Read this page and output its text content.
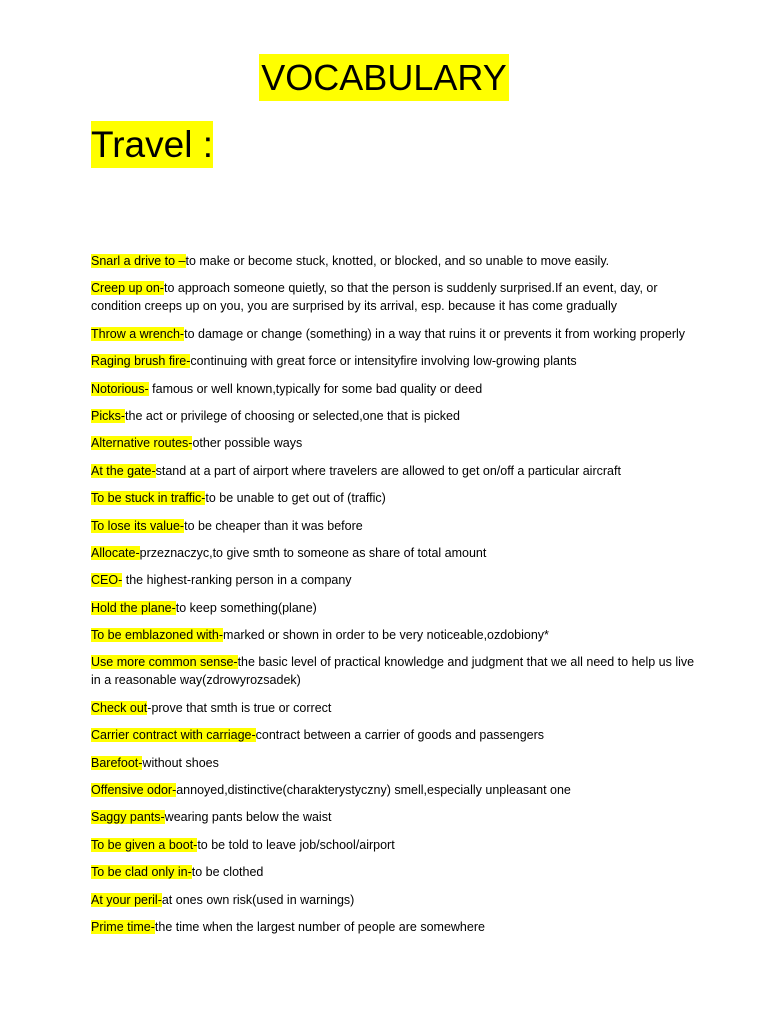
VOCABULARY
Travel :
Snarl a drive to –to make or become stuck, knotted, or blocked, and so unable to move easily.
Creep up on-to approach someone quietly, so that the person is suddenly surprised.If an event, day, or condition creeps up on you, you are surprised by its arrival, esp. because it has come gradually
Throw a wrench-to damage or change (something) in a way that ruins it or prevents it from working properly
Raging brush fire-continuing with great force or intensityfire involving low-growing plants
Notorious- famous or well known,typically for some bad quality or deed
Picks-the act or privilege of choosing or selected,one that is picked
Alternative routes-other possible ways
At the gate-stand at a part of airport where travelers are allowed to get on/off a particular aircraft
To be stuck in traffic-to be unable to get out of (traffic)
To lose its value-to be cheaper than it was before
Allocate-przeznaczyc,to give smth to someone as share of total amount
CEO- the highest-ranking person in a company
Hold the plane-to keep something(plane)
To be emblazoned with-marked or shown in order to be very noticeable,ozdobiony*
Use more common sense-the basic level of practical knowledge and judgment that we all need to help us live in a reasonable way(zdrowyrozsadek)
Check out-prove that smth is true or correct
Carrier contract with carriage-contract between a carrier of goods and passengers
Barefoot-without shoes
Offensive odor-annoyed,distinctive(charakterystyczny) smell,especially unpleasant one
Saggy pants-wearing pants below the waist
To be given a boot-to be told to leave job/school/airport
To be clad only in-to be clothed
At your peril-at ones own risk(used in warnings)
Prime time-the time when the largest number of people are somewhere
